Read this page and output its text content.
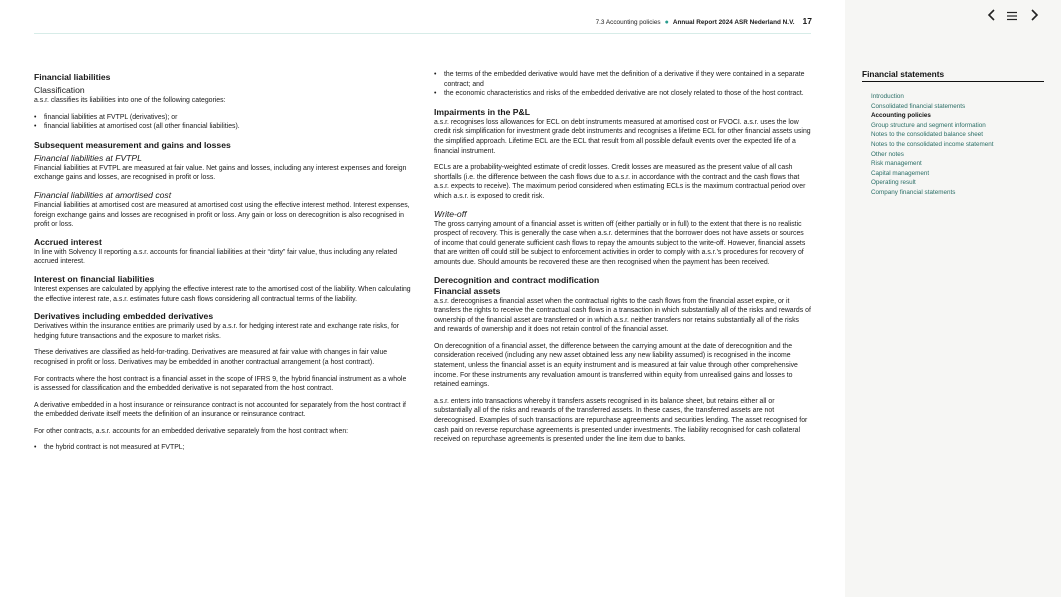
7.3 Accounting policies ● Annual Report 2024 ASR Nederland N.V. 17
Financial liabilities
Classification

a.s.r. classifies its liabilities into one of the following categories:

• financial liabilities at FVTPL (derivatives); or
• financial liabilities at amortised cost (all other financial liabilities).
Subsequent measurement and gains and losses
Financial liabilities at FVTPL

Financial liabilities at FVTPL are measured at fair value. Net gains and losses, including any interest expenses and foreign exchange gains and losses, are recognised in profit or loss.

Financial liabilities at amortised cost

Financial liabilities at amortised cost are measured at amortised cost using the effective interest method. Interest expenses, foreign exchange gains and losses are recognised in profit or loss. Any gain or loss on derecognition is also recognised in profit or loss.

Accrued interest

In line with Solvency II reporting a.s.r. accounts for financial liabilities at their “dirty” fair value, thus including any related accrued interest.

Interest on financial liabilities

Interest expenses are calculated by applying the effective interest rate to the amortised cost of the liability. When calculating the effective interest rate, a.s.r. estimates future cash flows considering all contractual terms of the liability.

Derivatives including embedded derivatives

Derivatives within the insurance entities are primarily used by a.s.r. for hedging interest rate and exchange rate risks, for hedging future transactions and the exposure to market risks.

These derivatives are classified as held-for-trading. Derivatives are measured at fair value with changes in fair value recognised in profit or loss. Derivatives may be embedded in another contractual arrangement (a host contract).

For contracts where the host contract is a financial asset in the scope of IFRS 9, the hybrid financial instrument as a whole is assessed for classification and the embedded derivative is not separated from the host contract.

A derivative embedded in a host insurance or reinsurance contract is not accounted for separately from the host contract if the embedded derivate itself meets the definition of an insurance or reinsurance contract.

For other contracts, a.s.r. accounts for an embedded derivative separately from the host contract when:

• the hybrid contract is not measured at FVTPL;
• the terms of the embedded derivative would have met the definition of a derivative if they were contained in a separate contract; and
• the economic characteristics and risks of the embedded derivative are not closely related to those of the host contract.
Impairments in the P&L

a.s.r. recognises loss allowances for ECL on debt instruments measured at amortised cost or FVOCI. a.s.r. uses the low credit risk simplification for investment grade debt instruments and recognises a lifetime ECL for other financial assets using the simplified approach. Lifetime ECL are the ECL that result from all possible default events over the expected life of a financial instrument.

ECLs are a probability-weighted estimate of credit losses. Credit losses are measured as the present value of all cash shortfalls (i.e. the difference between the cash flows due to a.s.r. in accordance with the contract and the cash flows that a.s.r. expects to receive). The maximum period considered when estimating ECLs is the maximum contractual period over which a.s.r. is exposed to credit risk.

Write-off

The gross carrying amount of a financial asset is written off (either partially or in full) to the extent that there is no realistic prospect of recovery. This is generally the case when a.s.r. determines that the borrower does not have assets or sources of income that could generate sufficient cash flows to repay the amounts subject to the write-off. However, financial assets that are written off could still be subject to enforcement activities in order to comply with a.s.r.’s procedures for recovery of amounts due. Should amounts be recovered these are then recognised when the payment has been received.

Derecognition and contract modification
Financial assets

a.s.r. derecognises a financial asset when the contractual rights to the cash flows from the financial asset expire, or it transfers the rights to receive the contractual cash flows in a transaction in which substantially all of the risks and rewards of ownership of the financial asset are transferred or in which a.s.r. neither transfers nor retains substantially all of the risks and rewards of ownership and it does not retain control of the financial asset.

On derecognition of a financial asset, the difference between the carrying amount at the date of derecognition and the consideration received (including any new asset obtained less any new liability assumed) is recognised in the income statement, unless the financial asset is an equity instrument and is measured at fair value through other comprehensive income. For these instruments any revaluation amount is transferred within equity from unrealised gains and losses to retained earnings.

a.s.r. enters into transactions whereby it transfers assets recognised in its balance sheet, but retains either all or substantially all of the risks and rewards of the transferred assets. In these cases, the transferred assets are not derecognised. Examples of such transactions are repurchase agreements and securities lending. The asset recognised for cash paid on reverse repurchase agreements is presented under investments. The liability recognised for cash collateral received on repurchase agreements is presented under the line item due to banks.

Financial statements
Introduction
Consolidated financial statements
Accounting policies
Group structure and segment information
Notes to the consolidated balance sheet
Notes to the consolidated income statement
Other notes
Risk management
Capital management
Operating result
Company financial statements
